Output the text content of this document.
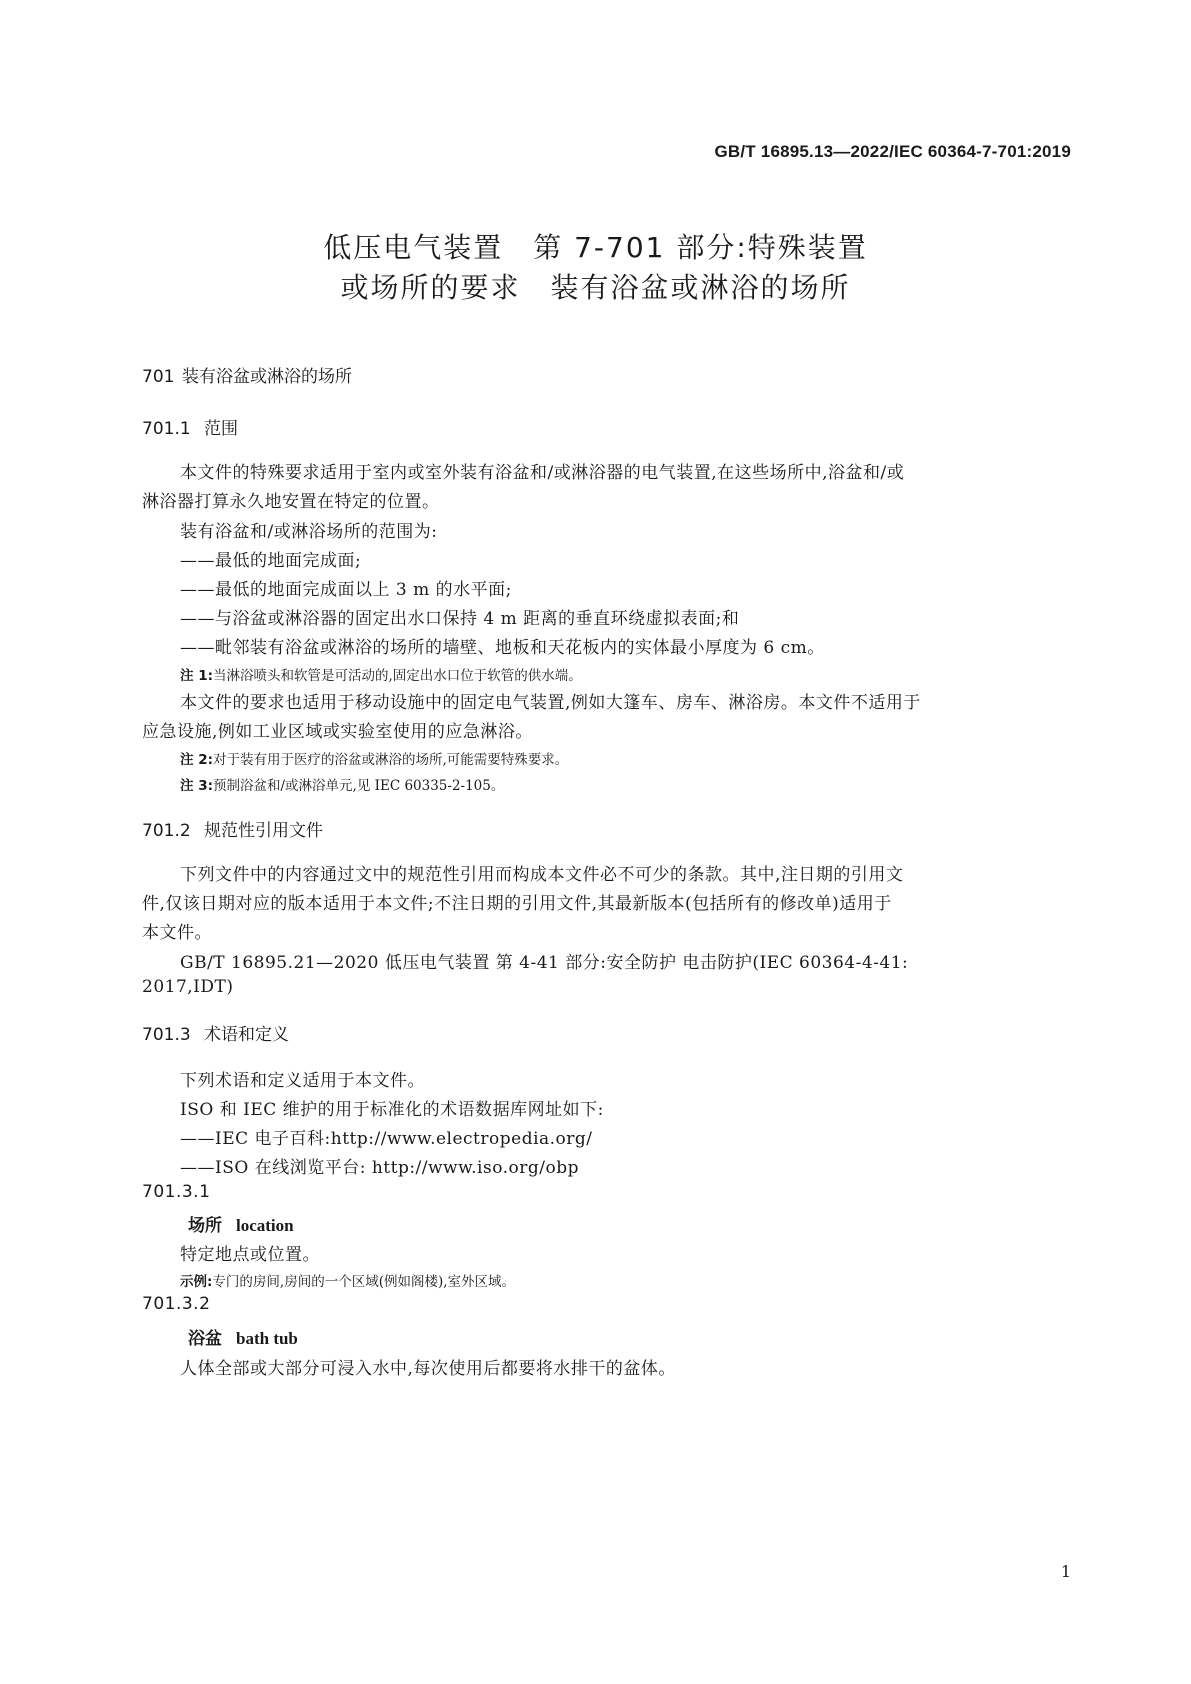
GB/T 16895.13—2022/IEC 60364-7-701:2019
低压电气装置 第 7-701 部分:特殊装置
或场所的要求 装有浴盆或淋浴的场所
701 装有浴盆或淋浴的场所
701.1 范围
本文件的特殊要求适用于室内或室外装有浴盆和/或淋浴器的电气装置,在这些场所中,浴盆和/或
淋浴器打算永久地安置在特定的位置。
装有浴盆和/或淋浴场所的范围为:
——最低的地面完成面;
——最低的地面完成面以上 3 m 的水平面;
——与浴盆或淋浴器的固定出水口保持 4 m 距离的垂直环绕虚拟表面;和
——毗邻装有浴盆或淋浴的场所的墙壁、地板和天花板内的实体最小厚度为 6 cm。
注 1:当淋浴喷头和软管是可活动的,固定出水口位于软管的供水端。
本文件的要求也适用于移动设施中的固定电气装置,例如大篷车、房车、淋浴房。本文件不适用于
应急设施,例如工业区域或实验室使用的应急淋浴。
注 2:对于装有用于医疗的浴盆或淋浴的场所,可能需要特殊要求。
注 3:预制浴盆和/或淋浴单元,见 IEC 60335-2-105。
701.2 规范性引用文件
下列文件中的内容通过文中的规范性引用而构成本文件必不可少的条款。其中,注日期的引用文
件,仅该日期对应的版本适用于本文件;不注日期的引用文件,其最新版本(包括所有的修改单)适用于
本文件。
GB/T 16895.21—2020 低压电气装置 第 4-41 部分:安全防护 电击防护(IEC 60364-4-41:
2017,IDT)
701.3 术语和定义
下列术语和定义适用于本文件。
ISO 和 IEC 维护的用于标准化的术语数据库网址如下:
——IEC 电子百科:http://www.electropedia.org/
——ISO 在线浏览平台: http://www.iso.org/obp
701.3.1
场所 location
特定地点或位置。
示例:专门的房间,房间的一个区域(例如阁楼),室外区域。
701.3.2
浴盆 bath tub
人体全部或大部分可浸入水中,每次使用后都要将水排干的盆体。
1
